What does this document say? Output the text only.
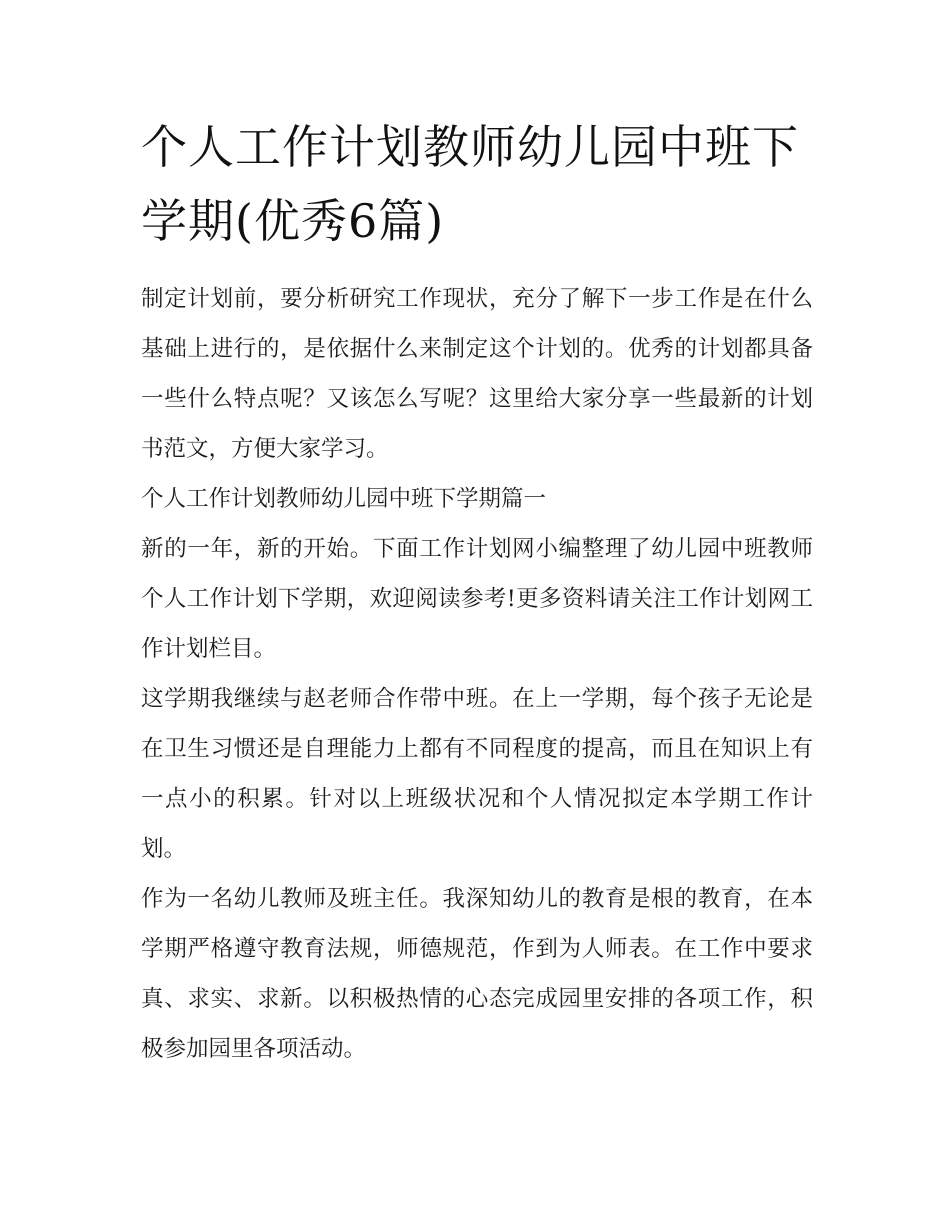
个人工作计划教师幼儿园中班下学期(优秀6篇)

制定计划前，要分析研究工作现状，充分了解下一步工作是在什么基础上进行的，是依据什么来制定这个计划的。优秀的计划都具备一些什么特点呢？又该怎么写呢？这里给大家分享一些最新的计划书范文，方便大家学习。

个人工作计划教师幼儿园中班下学期篇一

新的一年，新的开始。下面工作计划网小编整理了幼儿园中班教师个人工作计划下学期，欢迎阅读参考!更多资料请关注工作计划网工作计划栏目。

这学期我继续与赵老师合作带中班。在上一学期，每个孩子无论是在卫生习惯还是自理能力上都有不同程度的提高，而且在知识上有一点小的积累。针对以上班级状况和个人情况拟定本学期工作计划。

作为一名幼儿教师及班主任。我深知幼儿的教育是根的教育，在本学期严格遵守教育法规，师德规范，作到为人师表。在工作中要求真、求实、求新。以积极热情的心态完成园里安排的各项工作，积极参加园里各项活动。
